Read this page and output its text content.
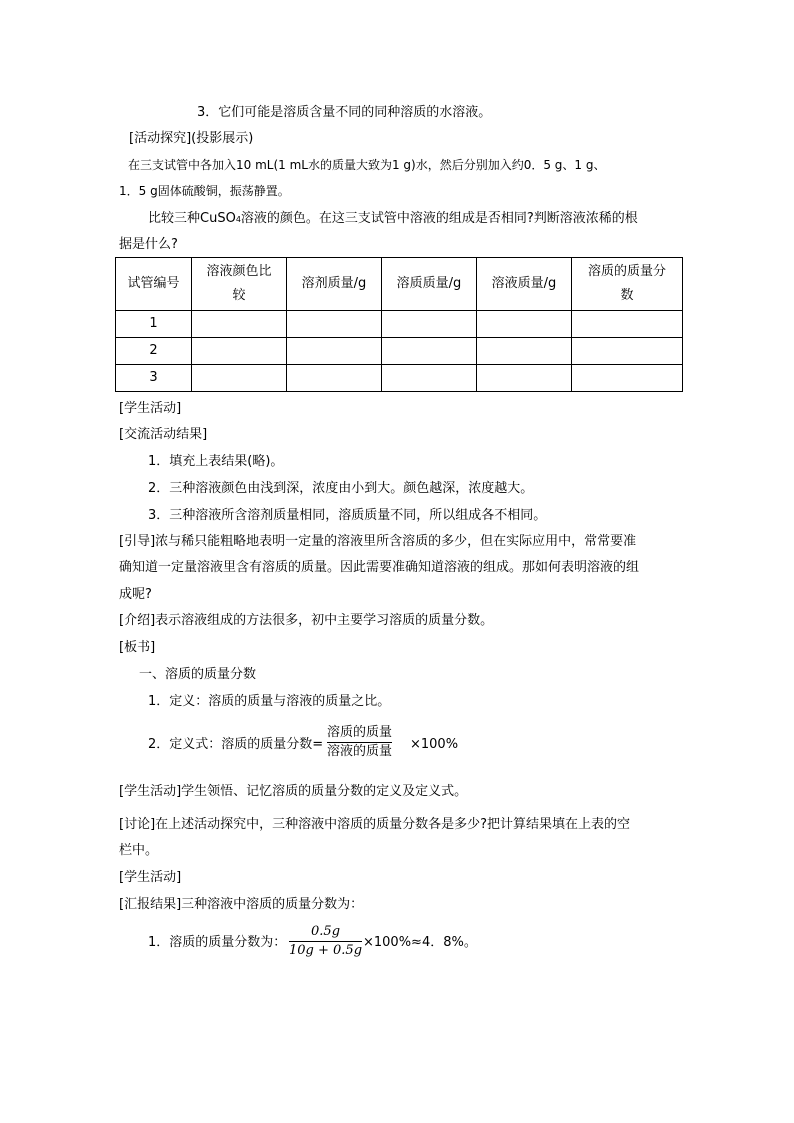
3．它们可能是溶质含量不同的同种溶质的水溶液。
[活动探究](投影展示)
在三支试管中各加入10 mL(1 mL水的质量大致为1 g)水，然后分别加入约0．5 g、1 g、
1．5 g固体硫酸铜，振荡静置。
比较三种CuSO4溶液的颜色。在这三支试管中溶液的组成是否相同?判断溶液浓稀的根
据是什么?
试管编号	溶液颜色比较	溶剂质量/g	溶质质量/g	溶液质量/g	溶质的质量分数
1					
2					
3					
[学生活动]
[交流活动结果]
1．填充上表结果(略)。
2．三种溶液颜色由浅到深，浓度由小到大。颜色越深，浓度越大。
3．三种溶液所含溶剂质量相同，溶质质量不同，所以组成各不相同。
[引导]浓与稀只能粗略地表明一定量的溶液里所含溶质的多少，但在实际应用中，常常要准
确知道一定量溶液里含有溶质的质量。因此需要准确知道溶液的组成。那如何表明溶液的组
成呢?
[介绍]表示溶液组成的方法很多，初中主要学习溶质的质量分数。
[板书]
一、溶质的质量分数
1．定义：溶质的质量与溶液的质量之比。
2．定义式：溶质的质量分数=
溶质的质量
溶液的质量 ×100%
[学生活动]学生领悟、记忆溶质的质量分数的定义及定义式。
[讨论]在上述活动探究中，三种溶液中溶质的质量分数各是多少?把计算结果填在上表的空
栏中。
[学生活动]
[汇报结果]三种溶液中溶质的质量分数为：
1．溶质的质量分数为：
0.5g
10g + 0.5g
×100%≈4．8%。
